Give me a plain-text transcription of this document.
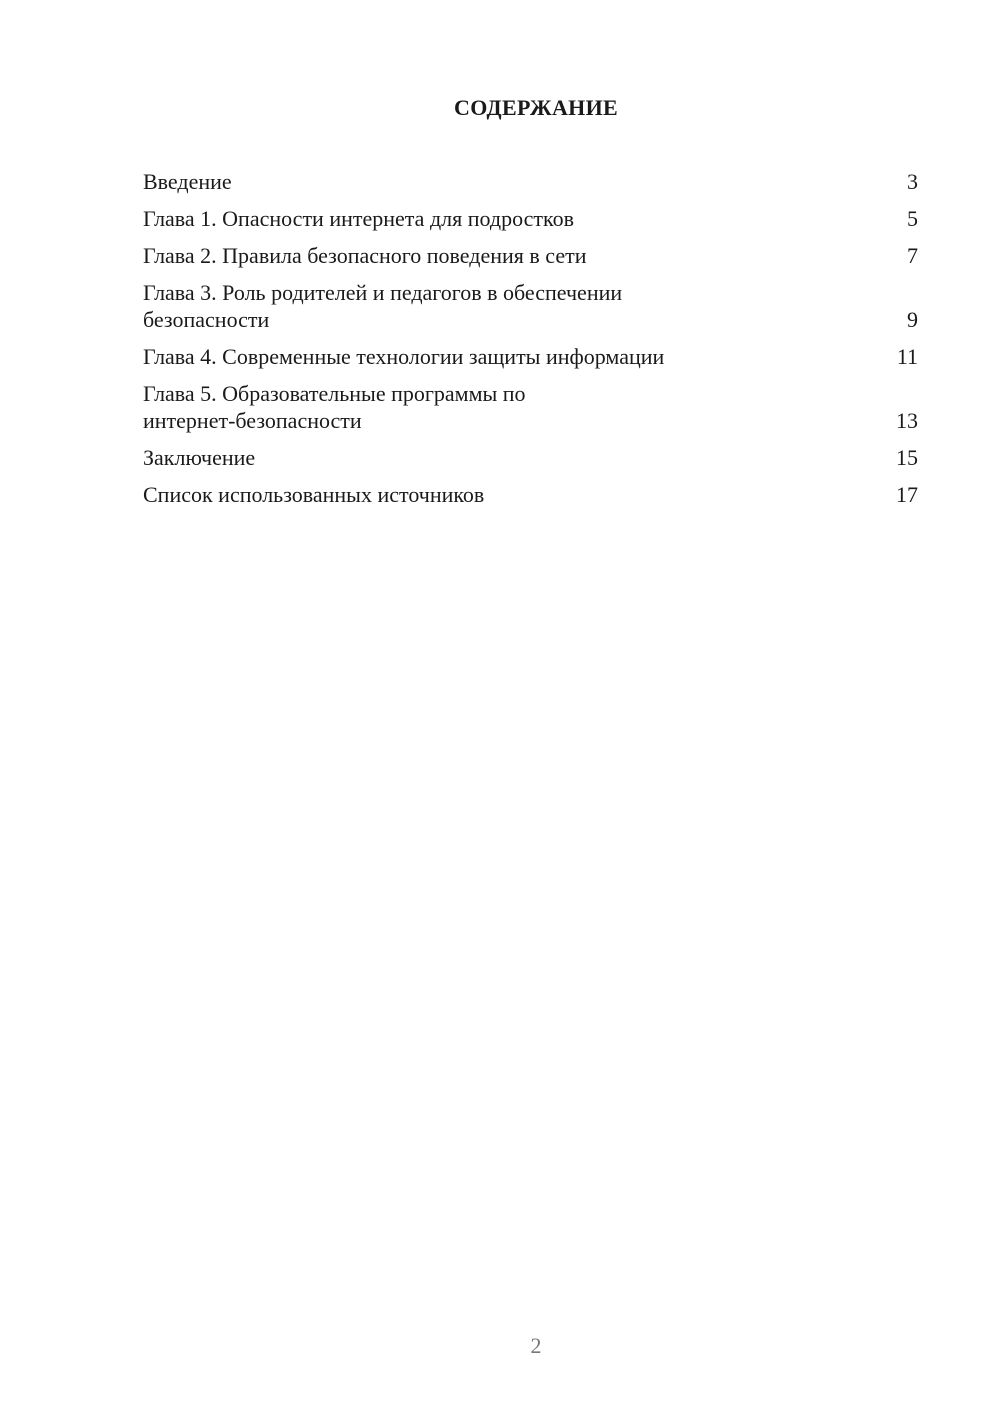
СОДЕРЖАНИЕ
Введение	3
Глава 1. Опасности интернета для подростков	5
Глава 2. Правила безопасного поведения в сети	7
Глава 3. Роль родителей и педагогов в обеспечении безопасности	9
Глава 4. Современные технологии защиты информации	11
Глава 5. Образовательные программы по интернет-безопасности	13
Заключение	15
Список использованных источников	17
2
